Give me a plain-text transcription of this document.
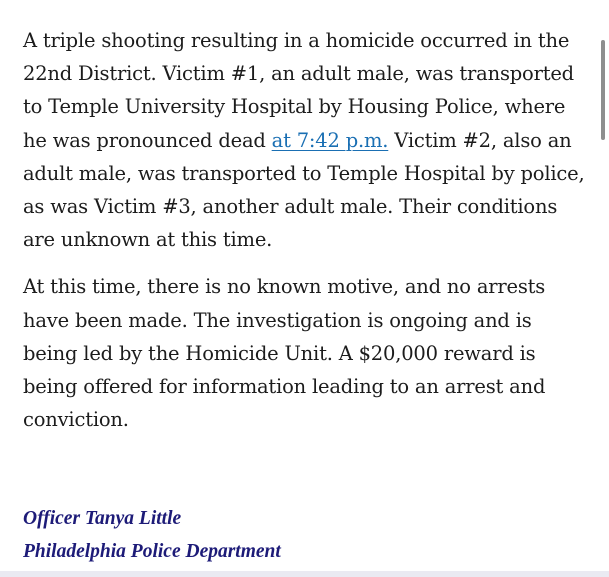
A triple shooting resulting in a homicide occurred in the 22nd District. Victim #1, an adult male, was transported to Temple University Hospital by Housing Police, where he was pronounced dead at 7:42 p.m. Victim #2, also an adult male, was transported to Temple Hospital by police, as was Victim #3, another adult male. Their conditions are unknown at this time.

At this time, there is no known motive, and no arrests have been made. The investigation is ongoing and is being led by the Homicide Unit. A $20,000 reward is being offered for information leading to an arrest and conviction.

Officer Tanya Little
Philadelphia Police Department
